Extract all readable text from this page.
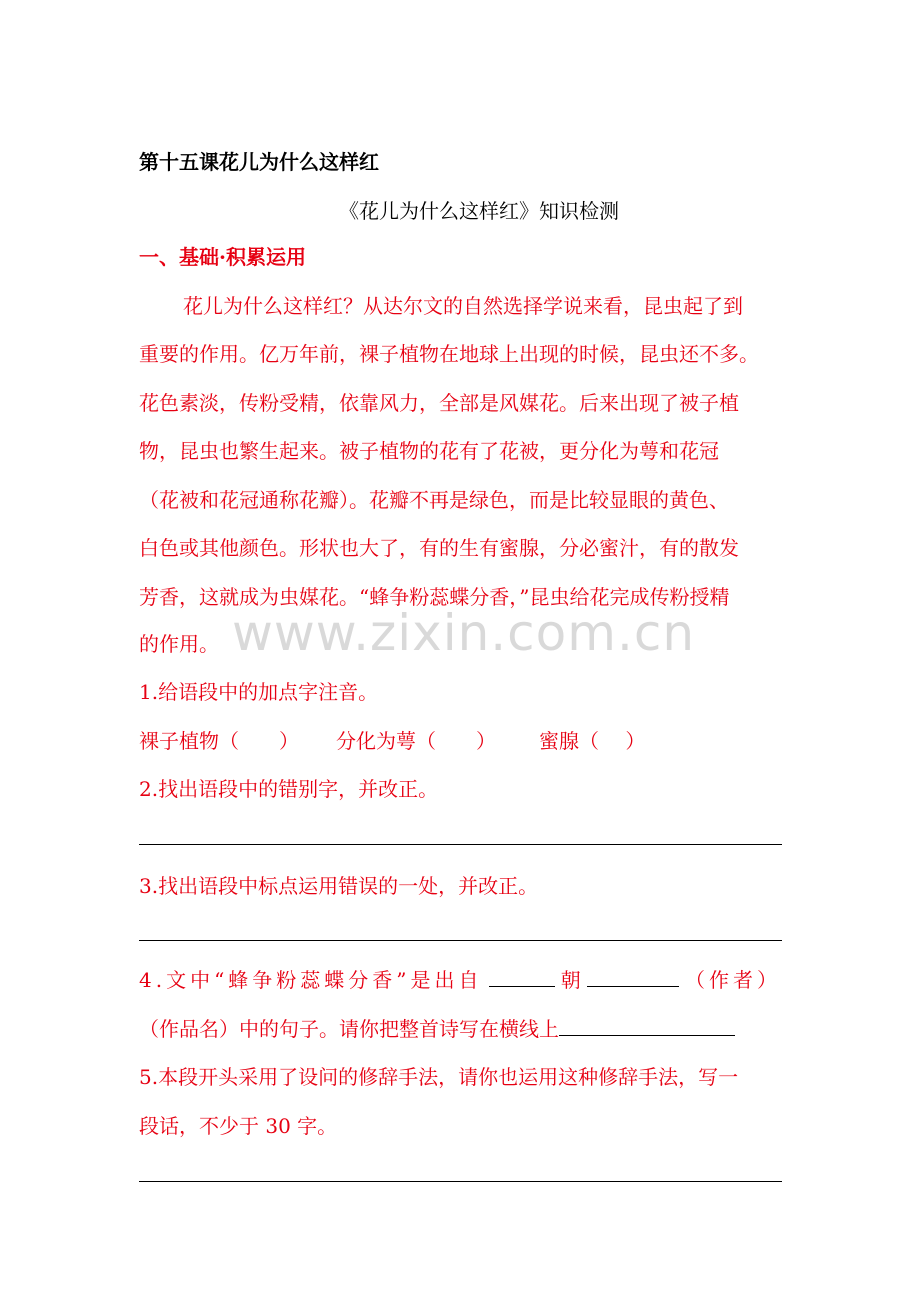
第十五课花儿为什么这样红
《花儿为什么这样红》知识检测
一、基础·积累运用
花儿为什么这样红？从达尔文的自然选择学说来看，昆虫起了到
重要的作用。亿万年前，裸子植物在地球上出现的时候，昆虫还不多。
花色素淡，传粉受精，依靠风力，全部是风媒花。后来出现了被子植
物，昆虫也繁生起来。被子植物的花有了花被，更分化为萼和花冠
（花被和花冠通称花瓣）。花瓣不再是绿色，而是比较显眼的黄色、
白色或其他颜色。形状也大了，有的生有蜜腺，分必蜜汁，有的散发
芳香，这就成为虫媒花。“蜂争粉蕊蝶分香，”昆虫给花完成传粉授精
的作用。 www.zixin.com.cn
1.给语段中的加点字注音。
裸子植物（　　） 分化为萼（　　） 蜜腺（　 ）
2.找出语段中的错别字，并改正。
3.找出语段中标点运用错误的一处，并改正。
4.文中“蜂争粉蕊蝶分香”是出自	朝	（作者）
（作品名）中的句子。请你把整首诗写在横线上
5.本段开头采用了设问的修辞手法，请你也运用这种修辞手法，写一
段话，不少于 30 字。
